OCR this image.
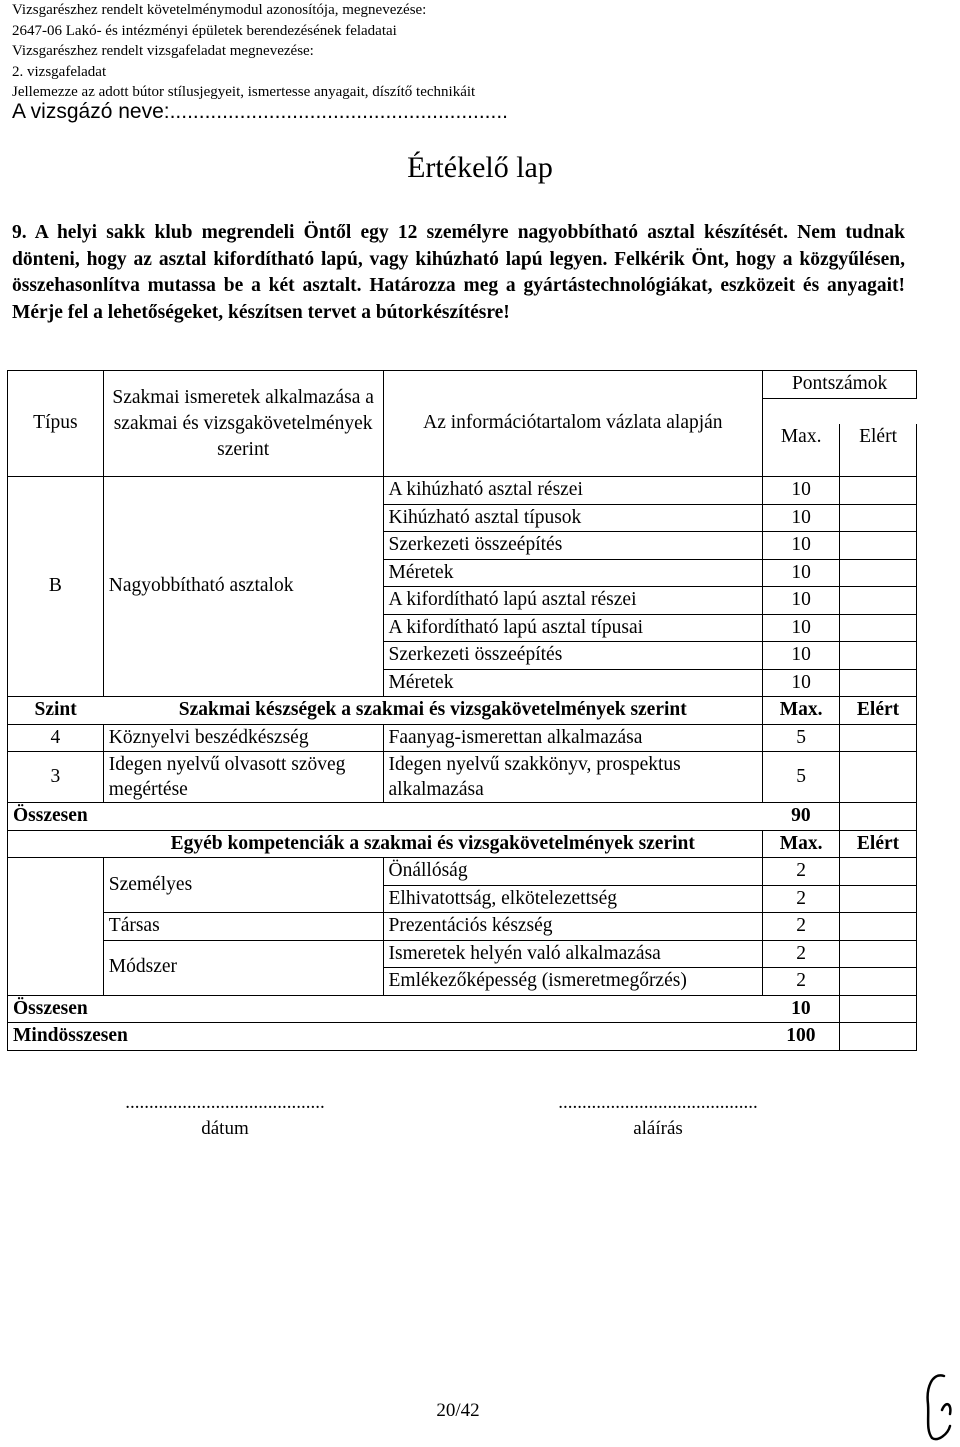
Vizsgarészhez rendelt követelménymodul azonosítója, megnevezése:
2647-06 Lakó- és intézményi épületek berendezésének feladatai
Vizsgarészhez rendelt vizsgafeladat megnevezése:
2. vizsgafeladat
Jellemezze az adott bútor stílusjegyeit, ismertesse anyagait, díszítő technikáit
A vizsgázó neve:..........................................................
Értékelő lap
9. A helyi sakk klub megrendeli Öntől egy 12 személyre nagyobbítható asztal készítését. Nem tudnak dönteni, hogy az asztal kifordítható lapú, vagy kihúzható lapú legyen. Felkérik Önt, hogy a közgyűlésen, összehasonlítva mutassa be a két asztalt. Határozza meg a gyártástechnológiákat, eszközeit és anyagait! Mérje fel a lehetőségeket, készítsen tervet a bútorkészítésre!
Típus	Szakmai ismeretek alkalmazása a szakmai és vizsgakövetelmények szerint	Az információtartalom vázlata alapján	Pontszámok	

			Max.	Elért

B	Nagyobbítható asztalok	A kihúzható asztal részei	10	
		Kihúzható asztal típusok	10	
		Szerkezeti összeépítés	10	
		Méretek	10	
		A kifordítható lapú asztal részei	10	
		A kifordítható lapú asztal típusai	10	
		Szerkezeti összeépítés	10	
		Méretek	10	
Szint	Szakmai készségek a szakmai és vizsgakövetelmények szerint		Max.	Elért
4	Köznyelvi beszédkészség	Faanyag-ismerettan alkalmazása	5	
3	Idegen nyelvű olvasott szöveg megértése	Idegen nyelvű szakkönyv, prospektus alkalmazása	5	
Összesen			90	
	Egyéb kompetenciák a szakmai és vizsgakövetelmények szerint		Max.	Elért
	Személyes	Önállóság	2	
		Elhivatottság, elkötelezettség	2	
	Társas	Prezentációs készség	2	
	Módszer	Ismeretek helyén való alkalmazása	2	
		Emlékezőképesség (ismeretmegőrzés)	2	
Összesen			10	
Mindösszesen			100	
..........................................
dátum
..........................................
aláírás
20/42
